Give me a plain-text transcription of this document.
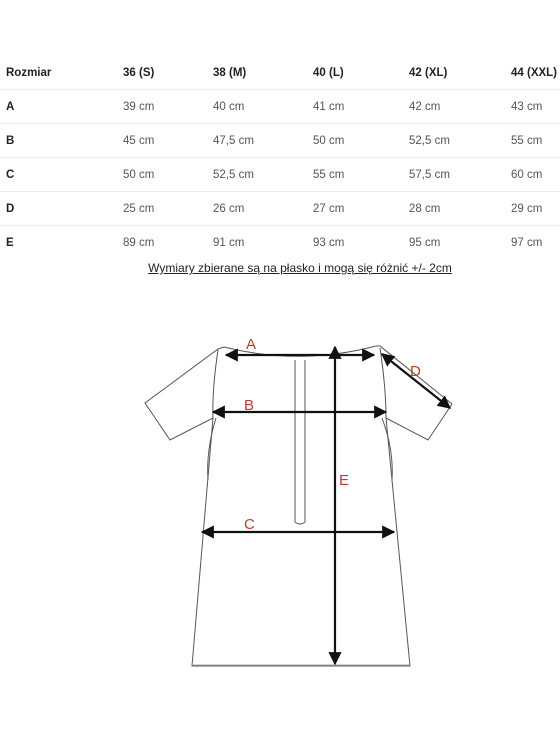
Rozmiar	36 (S)	38 (M)	40 (L)	42 (XL)	44 (XXL)
A	39 cm	40 cm	41 cm	42 cm	43 cm
B	45 cm	47,5 cm	50 cm	52,5 cm	55 cm
C	50 cm	52,5 cm	55 cm	57,5 cm	60 cm
D	25 cm	26 cm	27 cm	28 cm	29 cm
E	89 cm	91 cm	93 cm	95 cm	97 cm
Wymiary zbierane są na płasko i mogą się różnić +/- 2cm
A
B
C
D
E
